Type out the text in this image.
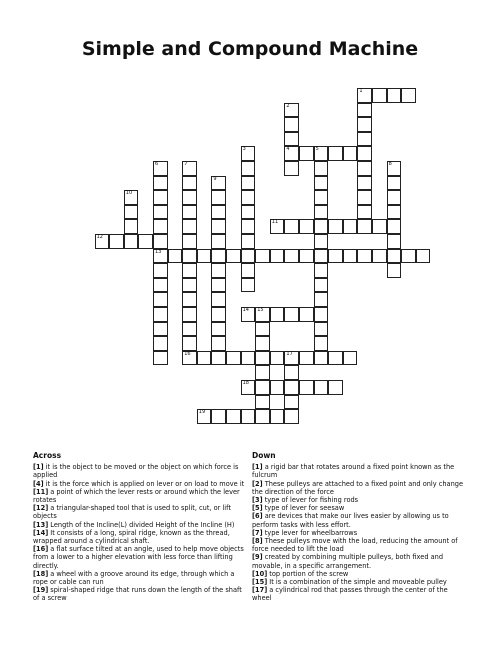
Simple and Compound Machine
1
4	5
11
12
13
14 15
16	17
18
19
2
3
6	7	8
9
10
Across
[1] it is the object to be moved or the object on which force is applied
[4] it is the force which is applied on lever or on load to move it
[11] a point of which the lever rests or around which the lever rotates
[12] a triangular-shaped tool that is used to split, cut, or lift objects
[13] Length of the Incline(L) divided Height of the Incline (H)
[14] It consists of a long, spiral ridge, known as the thread, wrapped around a cylindrical shaft.
[16] a flat surface tilted at an angle, used to help move objects from a lower to a higher elevation with less force than lifting directly.
[18] a wheel with a groove around its edge, through which a rope or cable can run
[19] spiral-shaped ridge that runs down the length of the shaft of a screw
Down
[1] a rigid bar that rotates around a fixed point known as the fulcrum
[2] These pulleys are attached to a fixed point and only change the direction of the force
[3] type of lever for fishing rods
[5] type of lever for seesaw
[6] are devices that make our lives easier by allowing us to perform tasks with less effort.
[7] type lever for wheelbarrows
[8] These pulleys move with the load, reducing the amount of force needed to lift the load
[9] created by combining multiple pulleys, both fixed and movable, in a specific arrangement.
[10] top portion of the screw
[15] It is a combination of the simple and moveable pulley
[17] a cylindrical rod that passes through the center of the wheel
